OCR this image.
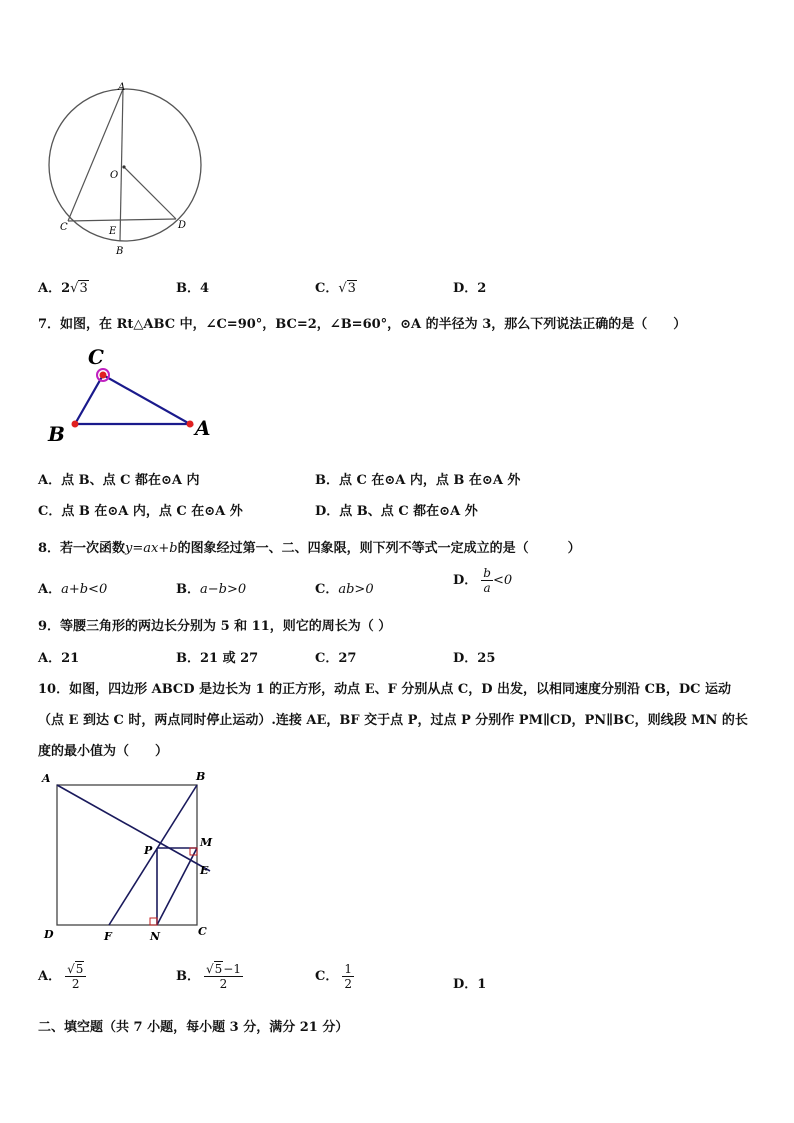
A
O
C	D
E
B
A．2√3	B．4	C．√3	D．2
7．如图，在 Rt△ABC 中，∠C=90°，BC=2，∠B=60°，⊙A 的半径为 3，那么下列说法正确的是（　　）
C
B	A
A．点 B、点 C 都在⊙A 内	B．点 C 在⊙A 内，点 B 在⊙A 外
C．点 B 在⊙A 内，点 C 在⊙A 外	D．点 B、点 C 都在⊙A 外
8．若一次函数y=ax+b的图象经过第一、二、四象限，则下列不等式一定成立的是（　　　）
A．a+b<0	B．a−b>0	C．ab>0
D． $\frac{b}{a} <0$
9．等腰三角形的两边长分别为 5 和 11，则它的周长为（ ）
A．21	B．21 或 27	C．27	D．25
10．如图，四边形 ABCD 是边长为 1 的正方形，动点 E、F 分别从点 C，D 出发，以相同速度分别沿 CB，DC 运动
（点 E 到达 C 时，两点同时停止运动）.连接 AE，BF 交于点 P，过点 P 分别作 PM∥CD，PN∥BC，则线段 MN 的长
度的最小值为（　　）
A	B
P
M
E
D	F	N	C
A． $\frac{√5}{2}$	B． $\frac{√5-1}{2}$	C． $\frac{1}{2}$	D．1
二、填空题（共 7 小题，每小题 3 分，满分 21 分）
